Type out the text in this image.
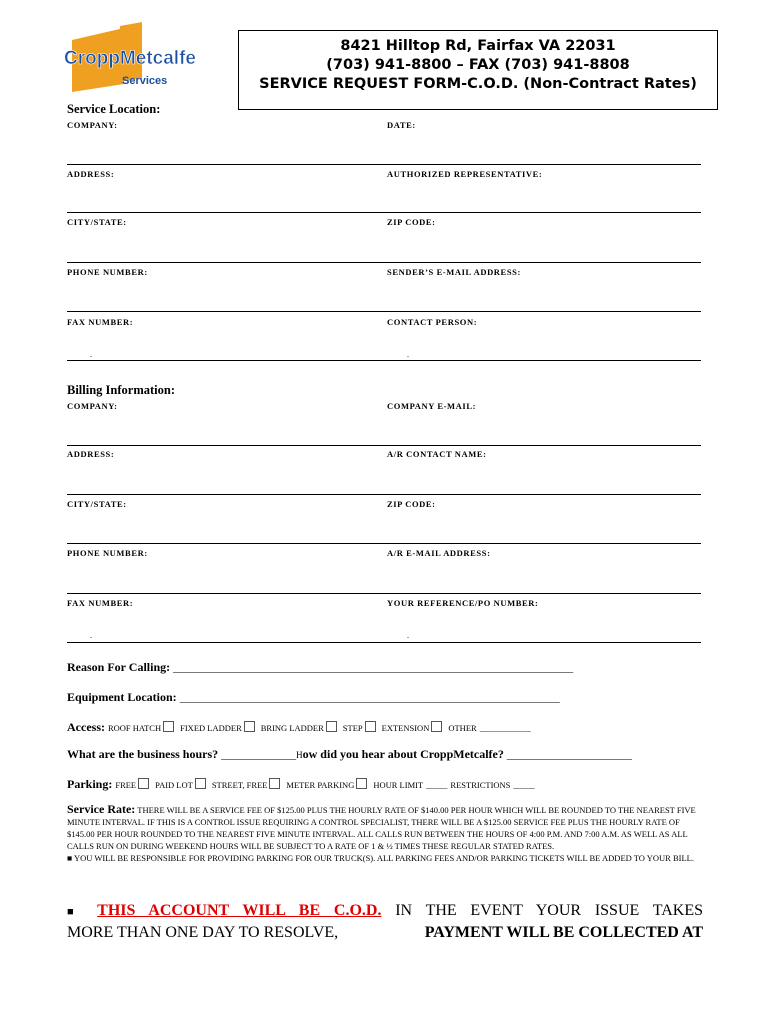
CroppMetcalfe
Services
8421 Hilltop Rd, Fairfax VA 22031
(703) 941-8800 – FAX (703) 941-8808
SERVICE REQUEST FORM-C.O.D. (Non-Contract Rates)
Service Location:
COMPANY:	DATE:
ADDRESS:	AUTHORIZED REPRESENTATIVE:
CITY/STATE:	ZIP CODE:
PHONE NUMBER:	SENDER’S E-MAIL ADDRESS:
FAX NUMBER:	CONTACT PERSON:
.	.
Billing Information:
COMPANY:	COMPANY E-MAIL:
ADDRESS:	A/R CONTACT NAME:
CITY/STATE:	ZIP CODE:
PHONE NUMBER:	A/R E-MAIL ADDRESS:
FAX NUMBER:	YOUR REFERENCE/PO NUMBER:
.	.
Reason For Calling: ________________________________________________________________________________
Equipment Location: ____________________________________________________________________________
Access: ROOF HATCH FIXED LADDER BRING LADDER STEP EXTENSION OTHER ____________
What are the business hours? _______________How did you hear about CroppMetcalfe? _________________________
Parking: FREE PAID LOT STREET, FREE METER PARKING HOUR LIMIT _____ RESTRICTIONS _____
Service Rate: THERE WILL BE A SERVICE FEE OF $125.00 PLUS THE HOURLY RATE OF $140.00 PER HOUR WHICH WILL BE ROUNDED TO THE NEAREST FIVE MINUTE INTERVAL. IF THIS IS A CONTROL ISSUE REQUIRING A CONTROL SPECIALIST, THERE WILL BE A $125.00 SERVICE FEE PLUS THE HOURLY RATE OF $145.00 PER HOUR ROUNDED TO THE NEAREST FIVE MINUTE INTERVAL. ALL CALLS RUN BETWEEN THE HOURS OF 4:00 P.M. AND 7:00 A.M. AS WELL AS ALL CALLS RUN ON DURING WEEKEND HOURS WILL BE SUBJECT TO A RATE OF 1 & ½ TIMES THESE REGULAR STATED RATES.
■ YOU WILL BE RESPONSIBLE FOR PROVIDING PARKING FOR OUR TRUCK(S). ALL PARKING FEES AND/OR PARKING TICKETS WILL BE ADDED TO YOUR BILL.
■ THIS ACCOUNT WILL BE C.O.D. IN THE EVENT YOUR ISSUE TAKES
MORE THAN ONE DAY TO RESOLVE,	PAYMENT WILL BE COLLECTED AT
